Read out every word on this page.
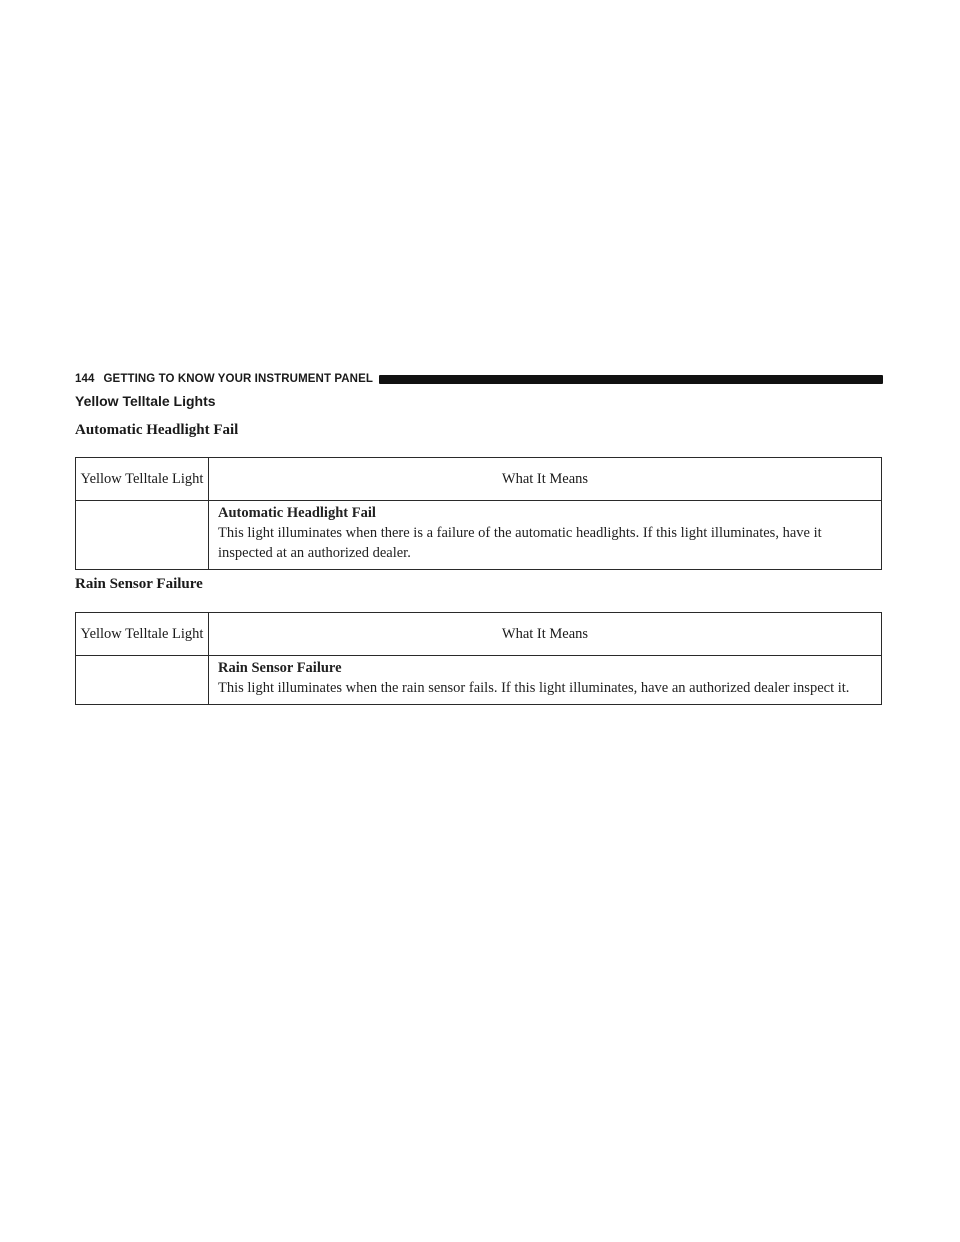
144 GETTING TO KNOW YOUR INSTRUMENT PANEL
Yellow Telltale Lights
Automatic Headlight Fail
Yellow Telltale Light	What It Means

	Automatic Headlight Fail
This light illuminates when there is a failure of the automatic headlights. If this light illuminates, have it inspected at an authorized dealer.
Rain Sensor Failure
Yellow Telltale Light	What It Means

	Rain Sensor Failure
This light illuminates when the rain sensor fails. If this light illuminates, have an authorized dealer inspect it.
